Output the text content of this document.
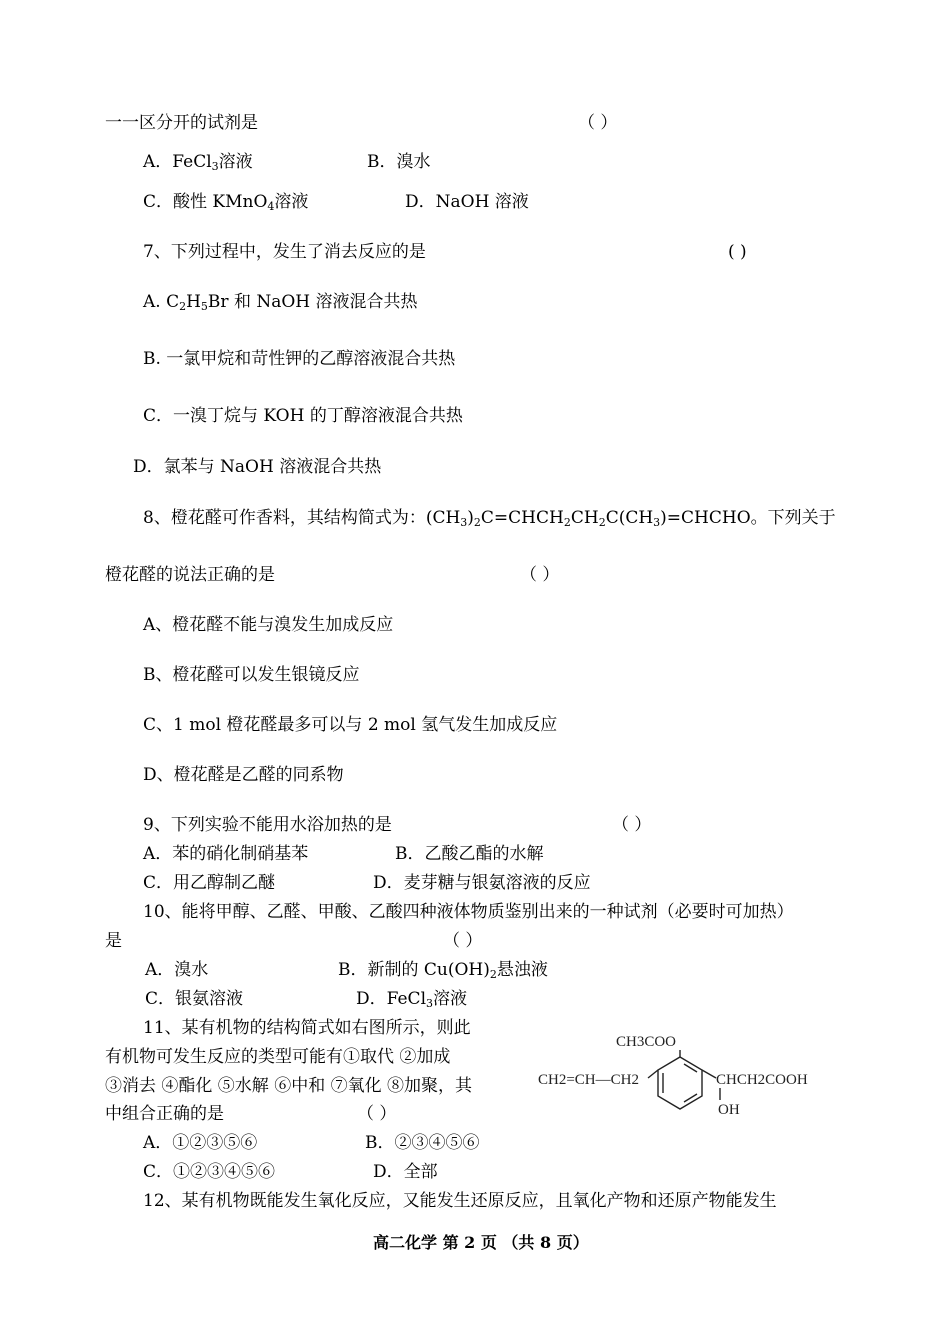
一一区分开的试剂是	（ ）
A．FeCl$_3$溶液	B．溴水
C．酸性 KMnO$_4$溶液	D．NaOH 溶液
7、下列过程中，发生了消去反应的是	( )
A. $C_2H_5Br$ 和 NaOH 溶液混合共热
B. 一氯甲烷和苛性钾的乙醇溶液混合共热
C．一溴丁烷与 KOH 的丁醇溶液混合共热
D．氯苯与 NaOH 溶液混合共热
8、橙花醛可作香料，其结构简式为：$(CH_3)_2C=CHCH_2CH_2C(CH_3)=CHCHO$。下列关于
橙花醛的说法正确的是	（ ）
A、橙花醛不能与溴发生加成反应
B、橙花醛可以发生银镜反应
C、1 mol 橙花醛最多可以与 2 mol 氢气发生加成反应
D、橙花醛是乙醛的同系物
9、下列实验不能用水浴加热的是	（ ）
A．苯的硝化制硝基苯	B．乙酸乙酯的水解
C．用乙醇制乙醚	D．麦芽糖与银氨溶液的反应
10、能将甲醇、乙醛、甲酸、乙酸四种液体物质鉴别出来的一种试剂（必要时可加热）
是	（ ）
A．溴水	B．新制的 $Cu(OH)_2$悬浊液
C．银氨溶液	D．FeCl$_3$溶液
11、某有机物的结构简式如右图所示，则此
有机物可发生反应的类型可能有①取代 ②加成
③消去 ④酯化 ⑤水解 ⑥中和 ⑦氧化 ⑧加聚，其
中组合正确的是	（ ）
A．①②③⑤⑥	B．②③④⑤⑥
C．①②③④⑤⑥	D．全部
12、某有机物既能发生氧化反应，又能发生还原反应，且氧化产物和还原产物能发生
高二化学 第 2 页 （共 8 页）
CH3COO
CH2=CH—CH2	CHCH2COOH
OH
